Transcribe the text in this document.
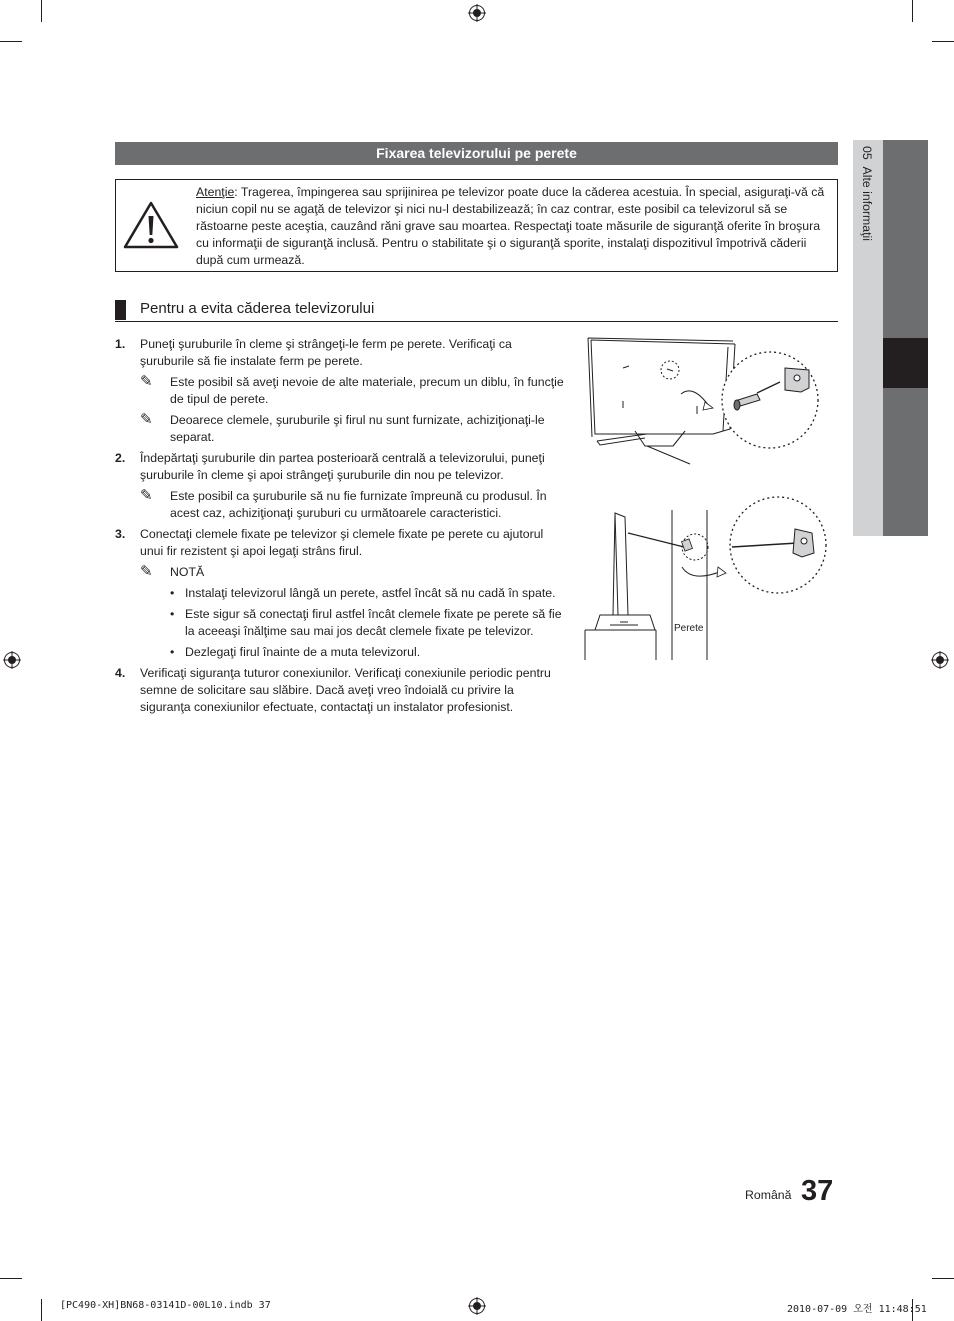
05  Alte informaţii
Fixarea televizorului pe perete
Atenţie: Tragerea, împingerea sau sprijinirea pe televizor poate duce la căderea acestuia. În special, asiguraţi-vă că niciun copil nu se agaţă de televizor şi nici nu-l destabilizează; în caz contrar, este posibil ca televizorul să se răstoarne peste aceştia, cauzând răni grave sau moartea. Respectaţi toate măsurile de siguranţă oferite în broşura cu informaţii de siguranţă inclusă. Pentru o stabilitate şi o siguranţă sporite, instalaţi dispozitivul împotrivă căderii după cum urmează.
Pentru a evita căderea televizorului
1. Puneţi şuruburile în cleme şi strângeţi-le ferm pe perete. Verificaţi ca şuruburile să fie instalate ferm pe perete.
✎ Este posibil să aveţi nevoie de alte materiale, precum un diblu, în funcţie de tipul de perete.
✎ Deoarece clemele, şuruburile şi firul nu sunt furnizate, achiziţionaţi-le separat.
2. Îndepărtaţi şuruburile din partea posterioară centrală a televizorului, puneţi şuruburile în cleme şi apoi strângeţi şuruburile din nou pe televizor.
✎ Este posibil ca şuruburile să nu fie furnizate împreună cu produsul. În acest caz, achiziţionaţi şuruburi cu următoarele caracteristici.
3. Conectaţi clemele fixate pe televizor şi clemele fixate pe perete cu ajutorul unui fir rezistent şi apoi legaţi strâns firul.
✎ NOTĂ
• Instalaţi televizorul lângă un perete, astfel încât să nu cadă în spate.
• Este sigur să conectaţi firul astfel încât clemele fixate pe perete să fie la aceeaşi înălţime sau mai jos decât clemele fixate pe televizor.
• Dezlegaţi firul înainte de a muta televizorul.
4. Verificaţi siguranţa tuturor conexiunilor. Verificaţi conexiunile periodic pentru semne de solicitare sau slăbire. Dacă aveţi vreo îndoială cu privire la siguranţa conexiunilor efectuate, contactaţi un instalator profesionist.
Perete
Română 37
[PC490-XH]BN68-03141D-00L10.indb 37	2010-07-09 오전 11:48:51
